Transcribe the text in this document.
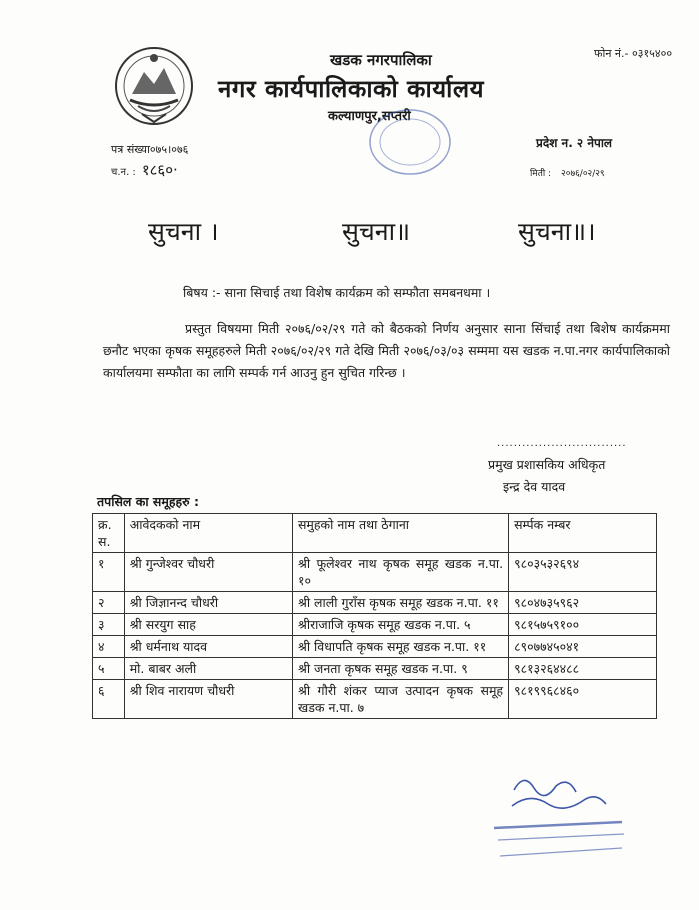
खडक नगरपालिका
नगर कार्यपालिकाको कार्यालय
कल्याणपुर,सप्तरी
फोन नं.- ०३१५४००
प्रदेश न. २ नेपाल
मिती : २०७६/०२/२९
पत्र संख्या०७५।०७६
च.न. : १८६०·
सुचना ।	सुचना॥	सुचना॥।
बिषय :- साना सिचाई तथा विशेष कार्यक्रम को सम्फौता समबनधमा ।
प्रस्तुत विषयमा मिती २०७६/०२/२९ गते को बैठकको निर्णय अनुसार साना सिंचाई तथा बिशेष कार्यक्रममा छनौट भएका कृषक समूहहरुले मिती २०७६/०२/२९ गते देखि मिती २०७६/०३/०३ सम्ममा यस खडक न.पा.नगर कार्यपालिकाको कार्यालयमा सम्फौता का लागि सम्पर्क गर्न आउनु हुन सुचित गरिन्छ ।
...............................
प्रमुख प्रशासकिय अधिकृत
इन्द्र देव यादव
तपसिल का समूहहरु :
क्र. स.	आवेदकको नाम	समुहको नाम तथा ठेगाना	सर्म्पक नम्बर
१	श्री गुन्जेश्वर चौधरी	श्री फूलेश्वर नाथ कृषक समूह खडक न.पा. १०	९८०३५३२६९४
२	श्री जिज्ञानन्द चौधरी	श्री लाली गुराँस कृषक समूह खडक न.पा. ११	९८०४७३५९६२
३	श्री सरयुग साह	श्रीराजाजि कृषक समूह खडक न.पा. ५	९८१५७५९१००
४	श्री धर्मनाथ यादव	श्री विधापति कृषक समूह खडक न.पा. ११	८९०७७४५०४१
५	मो. बाबर अली	श्री जनता कृषक समूह खडक न.पा. ९	९८१३२६४४८८
६	श्री शिव नारायण चौधरी	श्री गौरी शंकर प्याज उत्पादन कृषक समूह खडक न.पा. ७	९८१९९६८४६०
